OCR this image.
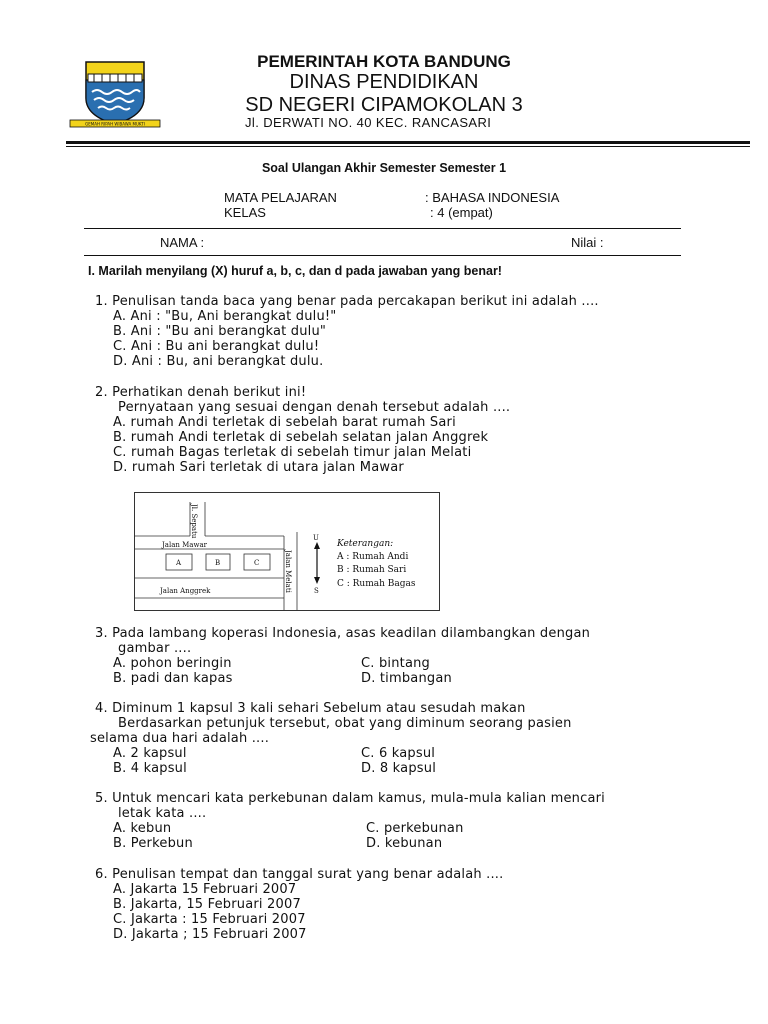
GEMAH RIPAH WIBAWA MUKTI
PEMERINTAH KOTA BANDUNG
DINAS PENDIDIKAN
SD NEGERI CIPAMOKOLAN 3
Jl. DERWATI NO. 40 KEC. RANCASARI
Soal Ulangan Akhir Semester Semester 1
MATA PELAJARAN	: BAHASA INDONESIA
KELAS	: 4 (empat)
NAMA :	Nilai :
I. Marilah menyilang (X) huruf a, b, c, dan d pada jawaban yang benar!
1. Penulisan tanda baca yang benar pada percakapan berikut ini adalah ....
A. Ani : "Bu, Ani berangkat dulu!"
B. Ani : "Bu ani berangkat dulu"
C. Ani : Bu ani berangkat dulu!
D. Ani : Bu, ani berangkat dulu.
2. Perhatikan denah berikut ini!
Pernyataan yang sesuai dengan denah tersebut adalah ....
A. rumah Andi terletak di sebelah barat rumah Sari
B. rumah Andi terletak di sebelah selatan jalan Anggrek
C. rumah Bagas terletak di sebelah timur jalan Melati
D. rumah Sari terletak di utara jalan Mawar
Jalan Mawar
Jalan Anggrek	Jalan Melati
Jl. Sepatu
A	B	C
U
S
Keterangan:
A : Rumah Andi
B : Rumah Sari
C : Rumah Bagas
3. Pada lambang koperasi Indonesia, asas keadilan dilambangkan dengan
gambar ....
A. pohon beringin	C. bintang
B. padi dan kapas	D. timbangan
4. Diminum 1 kapsul 3 kali sehari Sebelum atau sesudah makan
Berdasarkan petunjuk tersebut, obat yang diminum seorang pasien
selama dua hari adalah ....
A. 2 kapsul	C. 6 kapsul
B. 4 kapsul	D. 8 kapsul
5. Untuk mencari kata perkebunan dalam kamus, mula-mula kalian mencari
letak kata ....
A. kebun	C. perkebunan
B. Perkebun	D. kebunan
6. Penulisan tempat dan tanggal surat yang benar adalah ....
A. Jakarta 15 Februari 2007
B. Jakarta, 15 Februari 2007
C. Jakarta : 15 Februari 2007
D. Jakarta ; 15 Februari 2007
